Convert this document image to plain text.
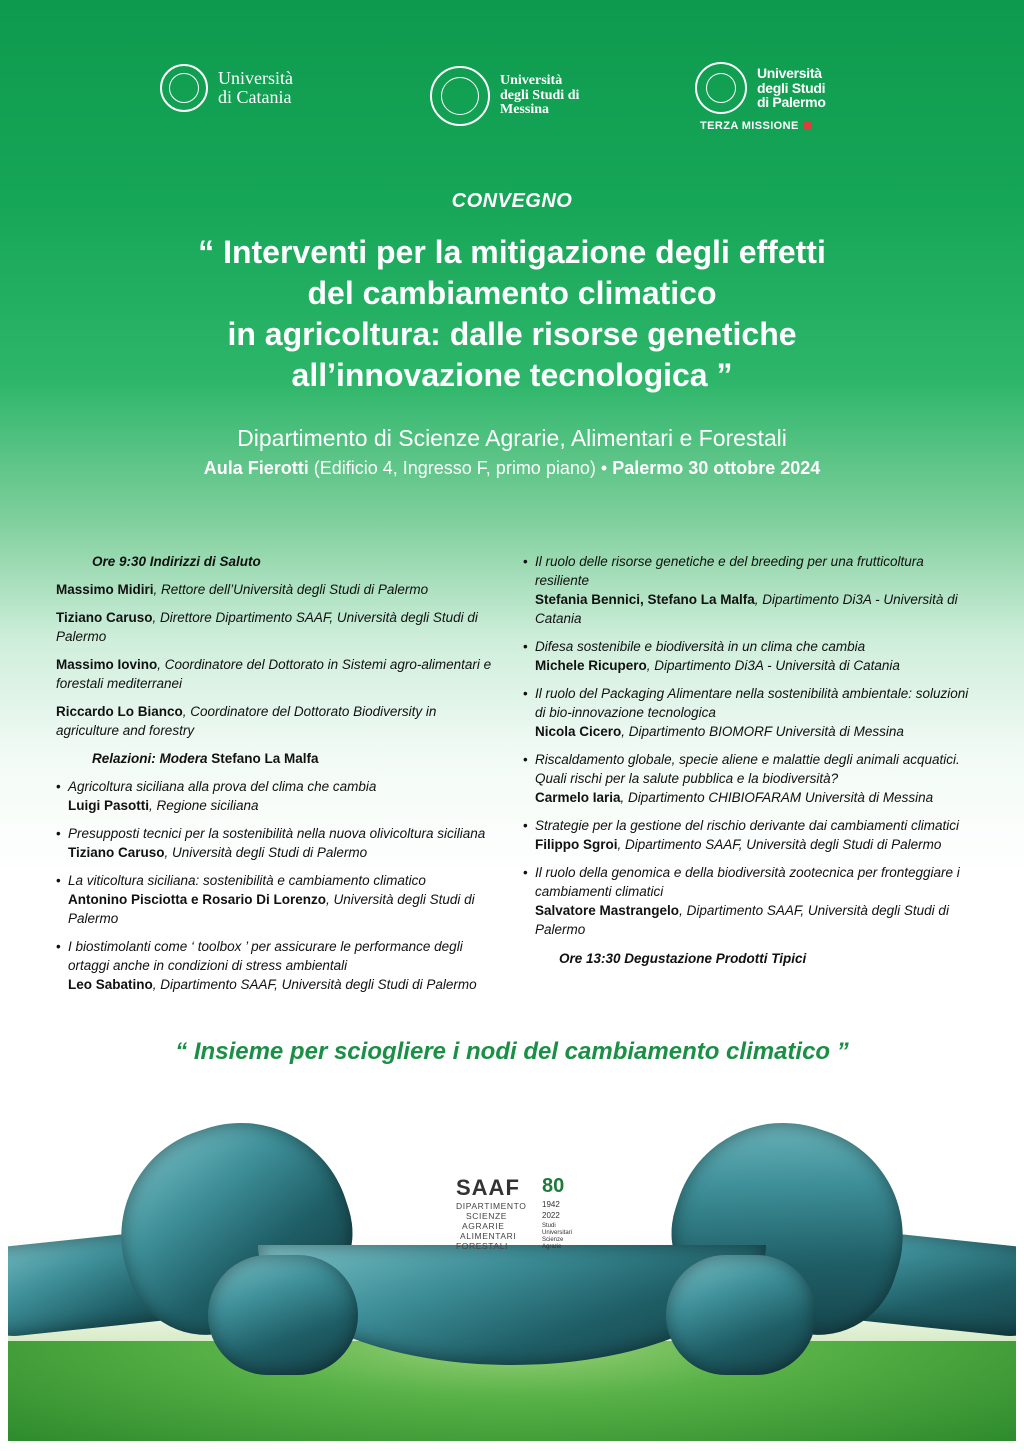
Università
di Catania
Università
degli Studi di
Messina
Università
degli Studi
di Palermo
TERZA MISSIONE
CONVEGNO
“ Interventi per la mitigazione degli effetti
del cambiamento climatico
in agricoltura: dalle risorse genetiche
all’innovazione tecnologica ”
Dipartimento di Scienze Agrarie, Alimentari e Forestali
Aula Fierotti (Edificio 4, Ingresso F, primo piano) • Palermo 30 ottobre 2024
Ore 9:30 Indirizzi di Saluto
Massimo Midiri, Rettore dell’Università degli Studi di Palermo
Tiziano Caruso, Direttore Dipartimento SAAF, Università degli Studi di Palermo
Massimo Iovino, Coordinatore del Dottorato in Sistemi agro-alimentari e forestali mediterranei
Riccardo Lo Bianco, Coordinatore del Dottorato Biodiversity in agriculture and forestry
Relazioni: Modera Stefano La Malfa
• Agricoltura siciliana alla prova del clima che cambia
Luigi Pasotti, Regione siciliana
• Presupposti tecnici per la sostenibilità nella nuova olivicoltura siciliana
Tiziano Caruso, Università degli Studi di Palermo
• La viticoltura siciliana: sostenibilità e cambiamento climatico
Antonino Pisciotta e Rosario Di Lorenzo, Università degli Studi di Palermo
• I biostimolanti come ‘ toolbox ’ per assicurare le performance degli ortaggi anche in condizioni di stress ambientali
Leo Sabatino, Dipartimento SAAF, Università degli Studi di Palermo
• Il ruolo delle risorse genetiche e del breeding per una frutticoltura resiliente
Stefania Bennici, Stefano La Malfa, Dipartimento Di3A - Università di Catania
• Difesa sostenibile e biodiversità in un clima che cambia
Michele Ricupero, Dipartimento Di3A - Università di Catania
• Il ruolo del Packaging Alimentare nella sostenibilità ambientale: soluzioni di bio-innovazione tecnologica
Nicola Cicero, Dipartimento BIOMORF Università di Messina
• Riscaldamento globale, specie aliene e malattie degli animali acquatici. Quali rischi per la salute pubblica e la biodiversità?
Carmelo Iaria, Dipartimento CHIBIOFARAM Università di Messina
• Strategie per la gestione del rischio derivante dai cambiamenti climatici
Filippo Sgroi, Dipartimento SAAF, Università degli Studi di Palermo
• Il ruolo della genomica e della biodiversità zootecnica per fronteggiare i cambiamenti climatici
Salvatore Mastrangelo, Dipartimento SAAF, Università degli Studi di Palermo
Ore 13:30 Degustazione Prodotti Tipici
“ Insieme per sciogliere i nodi del cambiamento climatico ”
SAAF
DIPARTIMENTO
SCIENZE
AGRARIE
ALIMENTARI
FORESTALI
80
1942
2022
Studi
Universitari
Scienze
Agrarie
